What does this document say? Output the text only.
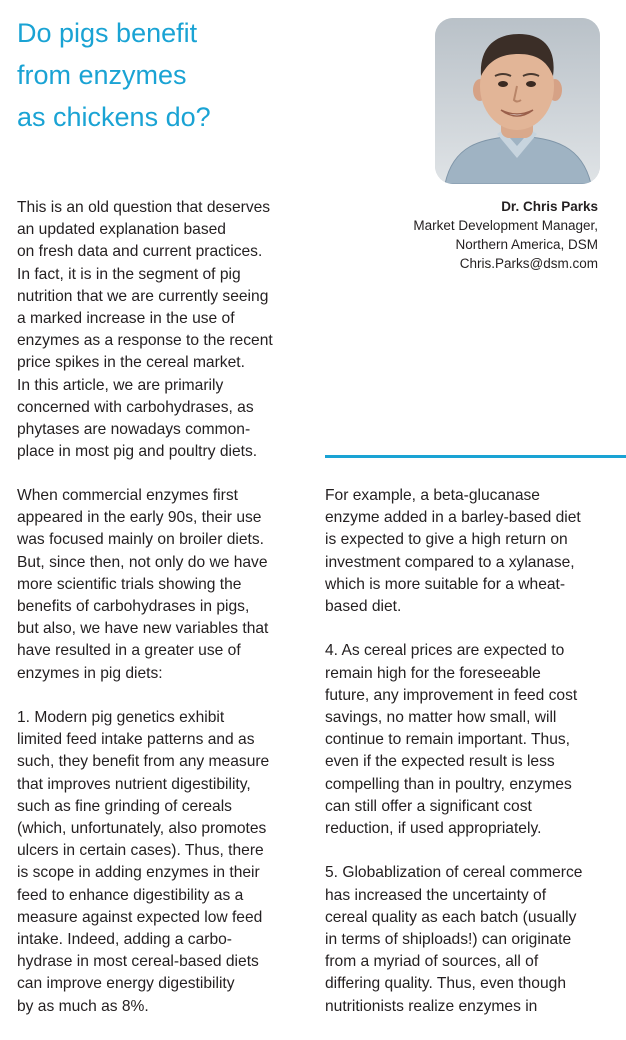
Do pigs benefit
from enzymes
as chickens do?
Dr. Chris Parks
Market Development Manager,
Northern America, DSM
Chris.Parks@dsm.com
This is an old question that deserves
an updated explanation based
on fresh data and current practices.
In fact, it is in the segment of pig
nutrition that we are currently seeing
a marked increase in the use of
enzymes as a response to the recent
price spikes in the cereal market.
In this article, we are primarily
concerned with carbohydrases, as
phytases are nowadays common-
place in most pig and poultry diets.

When commercial enzymes first
appeared in the early 90s, their use
was focused mainly on broiler diets.
But, since then, not only do we have
more scientific trials showing the
benefits of carbohydrases in pigs,
but also, we have new variables that
have resulted in a greater use of
enzymes in pig diets:

1. Modern pig genetics exhibit
limited feed intake patterns and as
such, they benefit from any measure
that improves nutrient digestibility,
such as fine grinding of cereals
(which, unfortunately, also promotes
ulcers in certain cases). Thus, there
is scope in adding enzymes in their
feed to enhance digestibility as a
measure against expected low feed
intake. Indeed, adding a carbo-
hydrase in most cereal-based diets
can improve energy digestibility
by as much as 8%.

For example, a beta-glucanase
enzyme added in a barley-based diet
is expected to give a high return on
investment compared to a xylanase,
which is more suitable for a wheat-
based diet.

4. As cereal prices are expected to
remain high for the foreseeable
future, any improvement in feed cost
savings, no matter how small, will
continue to remain important. Thus,
even if the expected result is less
compelling than in poultry, enzymes
can still offer a significant cost
reduction, if used appropriately.

5. Globablization of cereal commerce
has increased the uncertainty of
cereal quality as each batch (usually
in terms of shiploads!) can originate
from a myriad of sources, all of
differing quality. Thus, even though
nutritionists realize enzymes in
